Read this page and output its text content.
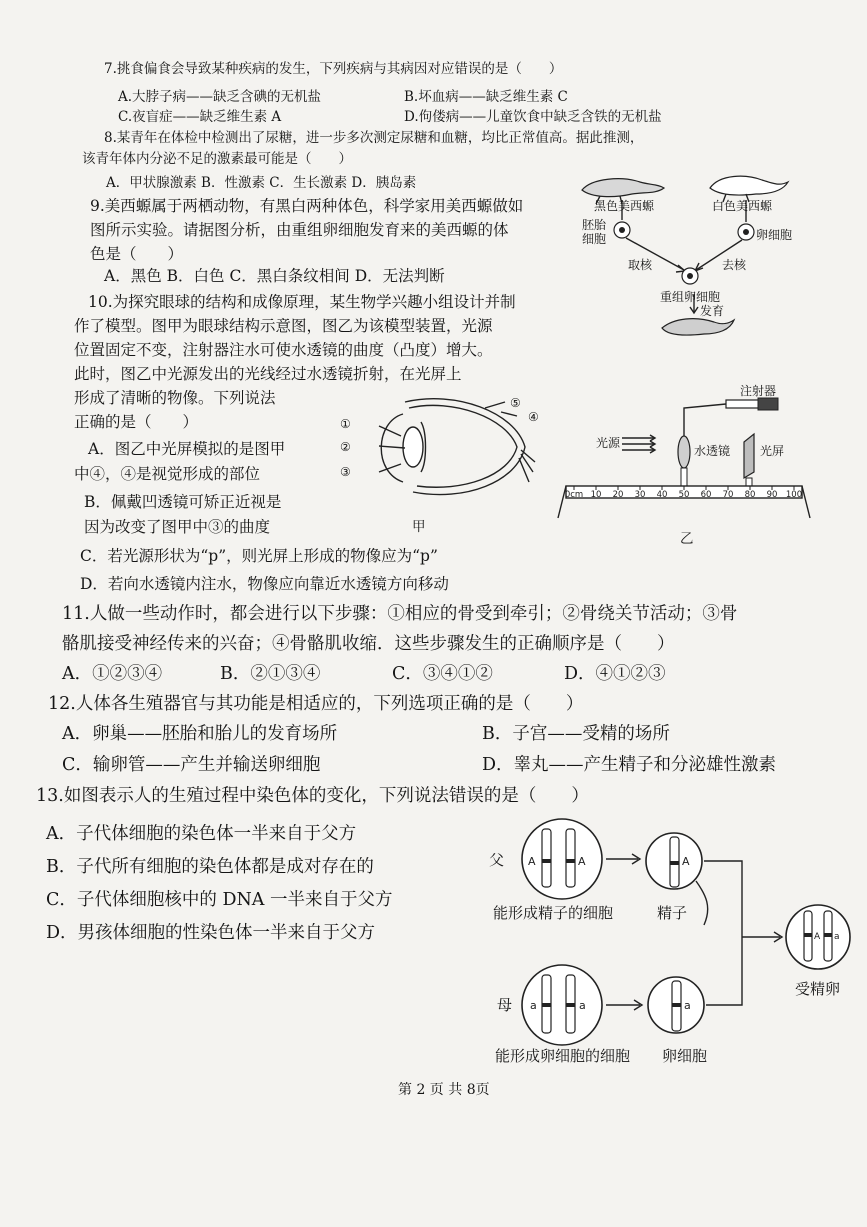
7.挑食偏食会导致某种疾病的发生，下列疾病与其病因对应错误的是（　　）
A.大脖子病——缺乏含碘的无机盐	B.坏血病——缺乏维生素 C
C.夜盲症——缺乏维生素 A	D.佝偻病——儿童饮食中缺乏含铁的无机盐
8.某青年在体检中检测出了尿糖，进一步多次测定尿糖和血糖，均比正常值高。据此推测，
该青年体内分泌不足的激素最可能是（　　）
A．甲状腺激素 B．性激素 C．生长激素 D．胰岛素
9.美西螈属于两栖动物，有黑白两种体色，科学家用美西螈做如
图所示实验。请据图分析，由重组卵细胞发育来的美西螈的体
色是（　　）
A．黑色 B．白色 C．黑白条纹相间 D．无法判断
黑色美西螈	白色美西螈
胚胎细胞	卵细胞
取核	去核
重组卵细胞
发育
10.为探究眼球的结构和成像原理，某生物学兴趣小组设计并制
作了模型。图甲为眼球结构示意图，图乙为该模型装置，光源
位置固定不变，注射器注水可使水透镜的曲度（凸度）增大。
此时，图乙中光源发出的光线经过水透镜折射，在光屏上
形成了清晰的物像。下列说法
正确的是（　　）
A．图乙中光屏模拟的是图甲
中④，④是视觉形成的部位
B．佩戴凹透镜可矫正近视是
因为改变了图甲中③的曲度
C．若光源形状为“p”，则光屏上形成的物像应为“p”
D．若向水透镜内注水，物像应向靠近水透镜方向移动
①
②
③
④
⑤
甲
0cm 10 20 30 40 50 60 70 80 90 100
注射器
光源
水透镜 光屏
乙
11.人做一些动作时，都会进行以下步骤：①相应的骨受到牵引；②骨绕关节活动；③骨
骼肌接受神经传来的兴奋；④骨骼肌收缩．这些步骤发生的正确顺序是（　　）
A．①②③④	B．②①③④	C．③④①②	D．④①②③
12.人体各生殖器官与其功能是相适应的，下列选项正确的是（　　）
A．卵巢——胚胎和胎儿的发育场所	B．子宫——受精的场所
C．输卵管——产生并输送卵细胞	D．睾丸——产生精子和分泌雄性激素
13.如图表示人的生殖过程中染色体的变化，下列说法错误的是（　　）
A．子代体细胞的染色体一半来自于父方
B．子代所有细胞的染色体都是成对存在的
C．子代体细胞核中的 DNA 一半来自于父方
D．男孩体细胞的性染色体一半来自于父方
A	A	A
a	a	a
A a
父
母
能形成精子的细胞	精子
能形成卵细胞的细胞 卵细胞
受精卵
第 2 页 共 8页
